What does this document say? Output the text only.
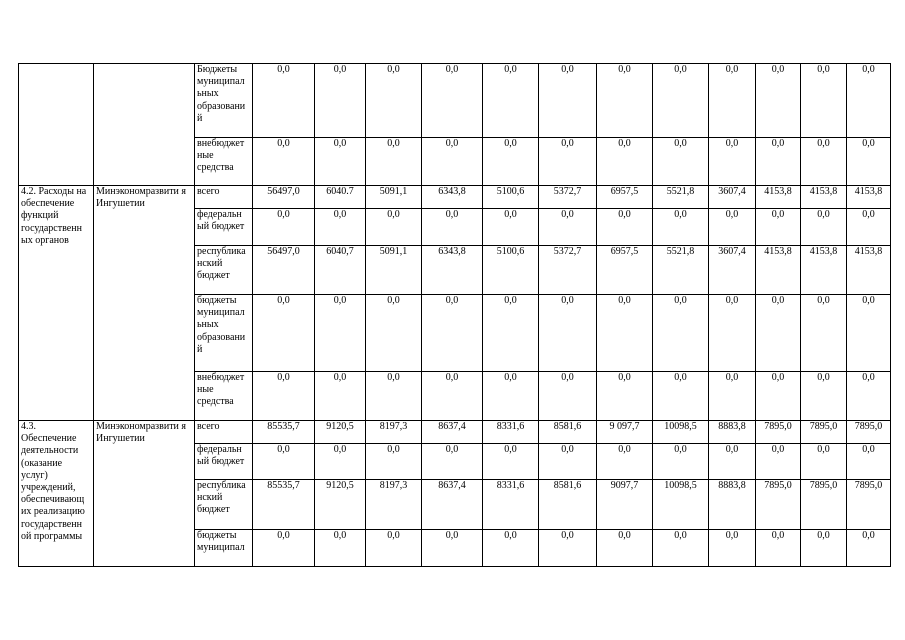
		Бюджеты муниципал ьных образовани й	0,0	0,0	0,0	0,0	0,0	0,0	0,0	0,0	0,0	0,0	0,0	0,0
		внебюджет ные средства	0,0	0,0	0,0	0,0	0,0	0,0	0,0	0,0	0,0	0,0	0,0	0,0
4.2. Расходы на обеспечение функций государственн ых органов	Минэкономразвити я Ингушетии	всего	56497,0	6040.7	5091,1	6343,8	5100,6	5372,7	6957,5	5521,8	3607,4	4153,8	4153,8	4153,8
		федеральн ый бюджет	0,0	0,0	0,0	0,0	0,0	0,0	0,0	0,0	0,0	0,0	0,0	0,0
		республика нский бюджет	56497,0	6040,7	5091,1	6343,8	5100,6	5372,7	6957,5	5521,8	3607,4	4153,8	4153,8	4153,8
		бюджеты муниципал ьных образовани й	0,0	0,0	0,0	0,0	0,0	0,0	0,0	0,0	0,0	0,0	0,0	0,0
		внебюджет ные средства	0,0	0,0	0,0	0,0	0,0	0,0	0,0	0,0	0,0	0,0	0,0	0,0
4.3. Обеспечение деятельности (оказание услуг) учреждений, обеспечивающ их реализацию государственн ой программы	Минэкономразвити я Ингушетии	всего	85535,7	9120,5	8197,3	8637,4	8331,6	8581,6	9 097,7	10098,5	8883,8	7895,0	7895,0	7895,0
		федеральн ый бюджет	0,0	0,0	0,0	0,0	0,0	0,0	0,0	0,0	0,0	0,0	0,0	0,0
		республика нский бюджет	85535,7	9120,5	8197,3	8637,4	8331,6	8581,6	9097,7	10098,5	8883,8	7895,0	7895,0	7895,0
		бюджеты муниципал	0,0	0,0	0,0	0,0	0,0	0,0	0,0	0,0	0,0	0,0	0,0	0,0
